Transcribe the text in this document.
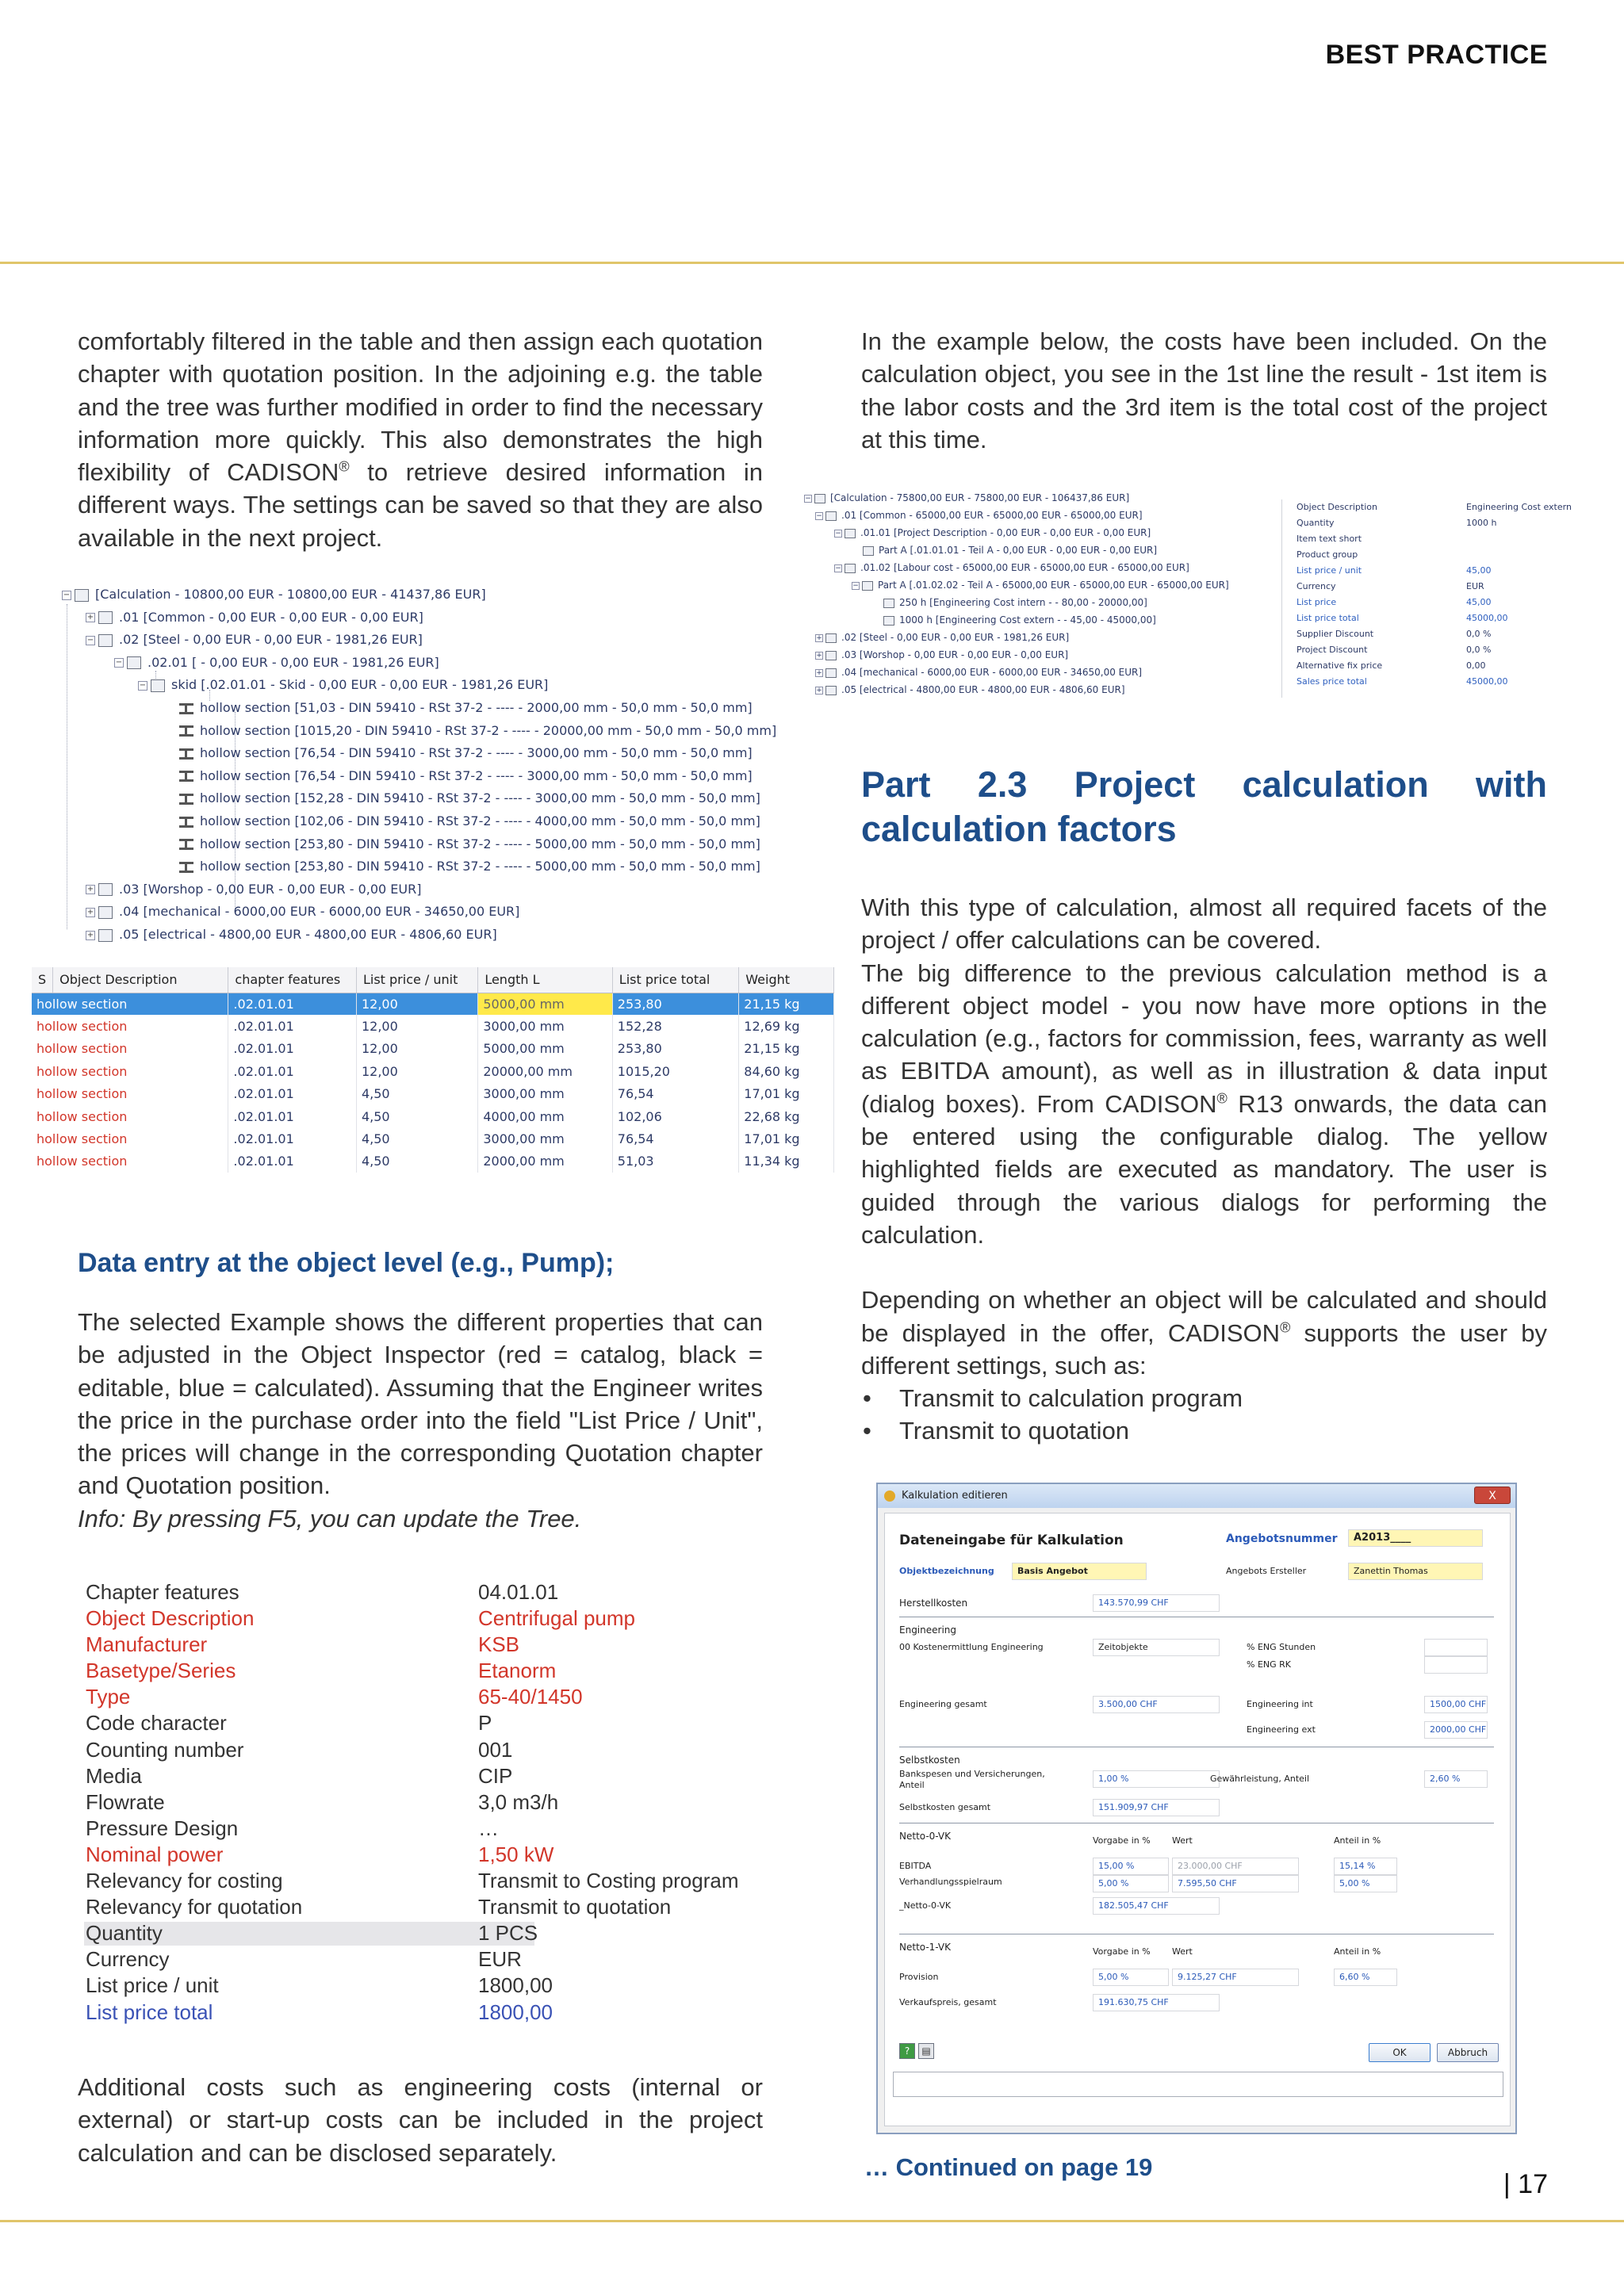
BEST PRACTICE

comfortably filtered in the table and then assign each quotation chapter with quotation position. In the adjoining e.g. the table and the tree was further modified in order to find the necessary information more quickly. This also demonstrates the high flexibility of CADISON® to retrieve desired information in different ways. The settings can be saved so that they are also available in the next project.

− [Calculation - 10800,00 EUR - 10800,00 EUR - 41437,86 EUR]
+ .01 [Common - 0,00 EUR - 0,00 EUR - 0,00 EUR]
− .02 [Steel - 0,00 EUR - 0,00 EUR - 1981,26 EUR]
− .02.01 [ - 0,00 EUR - 0,00 EUR - 1981,26 EUR]
− skid [.02.01.01 - Skid - 0,00 EUR - 0,00 EUR - 1981,26 EUR]
hollow section [51,03 - DIN 59410 - RSt 37-2 - ---- - 2000,00 mm - 50,0 mm - 50,0 mm]
hollow section [1015,20 - DIN 59410 - RSt 37-2 - ---- - 20000,00 mm - 50,0 mm - 50,0 mm]
hollow section [76,54 - DIN 59410 - RSt 37-2 - ---- - 3000,00 mm - 50,0 mm - 50,0 mm]
hollow section [76,54 - DIN 59410 - RSt 37-2 - ---- - 3000,00 mm - 50,0 mm - 50,0 mm]
hollow section [152,28 - DIN 59410 - RSt 37-2 - ---- - 3000,00 mm - 50,0 mm - 50,0 mm]
hollow section [102,06 - DIN 59410 - RSt 37-2 - ---- - 4000,00 mm - 50,0 mm - 50,0 mm]
hollow section [253,80 - DIN 59410 - RSt 37-2 - ---- - 5000,00 mm - 50,0 mm - 50,0 mm]
hollow section [253,80 - DIN 59410 - RSt 37-2 - ---- - 5000,00 mm - 50,0 mm - 50,0 mm]
+ .03 [Worshop - 0,00 EUR - 0,00 EUR - 0,00 EUR]
+ .04 [mechanical - 6000,00 EUR - 6000,00 EUR - 34650,00 EUR]
+ .05 [electrical - 4800,00 EUR - 4800,00 EUR - 4806,60 EUR]
S	Object Description	chapter features	List price / unit	Length L	List price total	Weight
hollow section		.02.01.01	12,00	5000,00 mm	253,80	21,15 kg
hollow section		.02.01.01	12,00	3000,00 mm	152,28	12,69 kg
hollow section		.02.01.01	12,00	5000,00 mm	253,80	21,15 kg
hollow section		.02.01.01	12,00	20000,00 mm	1015,20	84,60 kg
hollow section		.02.01.01	4,50	3000,00 mm	76,54	17,01 kg
hollow section		.02.01.01	4,50	4000,00 mm	102,06	22,68 kg
hollow section		.02.01.01	4,50	3000,00 mm	76,54	17,01 kg
hollow section		.02.01.01	4,50	2000,00 mm	51,03	11,34 kg
Data entry at the object level (e.g., Pump);

The selected Example shows the different properties that can be adjusted in the Object Inspector (red = catalog, black = editable, blue = calculated). Assuming that the Engineer writes the price in the purchase order into the field "List Price / Unit", the prices will change in the corresponding Quotation chapter and Quotation position.

Info: By pressing F5, you can update the Tree.

Chapter features	04.01.01
Object Description	Centrifugal pump
Manufacturer	KSB
Basetype/Series	Etanorm
Type	65-40/1450
Code character	P
Counting number	001
Media	CIP
Flowrate	3,0 m3/h
Pressure Design	…
Nominal power	1,50 kW
Relevancy for costing	Transmit to Costing program
Relevancy for quotation	Transmit to quotation
Quantity	1 PCS
Currency	EUR
List price / unit	1800,00
List price total	1800,00

Additional costs such as engineering costs (internal or external) or start-up costs can be included in the project calculation and can be disclosed separately.

In the example below, the costs have been included. On the calculation object, you see in the 1st line the result - 1st item is the labor costs and the 3rd item is the total cost of the project at this time.

− [Calculation - 75800,00 EUR - 75800,00 EUR - 106437,86 EUR]
− .01 [Common - 65000,00 EUR - 65000,00 EUR - 65000,00 EUR]
− .01.01 [Project Description - 0,00 EUR - 0,00 EUR - 0,00 EUR]
Part A [.01.01.01 - Teil A - 0,00 EUR - 0,00 EUR - 0,00 EUR]
− .01.02 [Labour cost - 65000,00 EUR - 65000,00 EUR - 65000,00 EUR]
− Part A [.01.02.02 - Teil A - 65000,00 EUR - 65000,00 EUR - 65000,00 EUR]
250 h [Engineering Cost intern - - 80,00 - 20000,00]
1000 h [Engineering Cost extern - - 45,00 - 45000,00]
+ .02 [Steel - 0,00 EUR - 0,00 EUR - 1981,26 EUR]
+ .03 [Worshop - 0,00 EUR - 0,00 EUR - 0,00 EUR]
+ .04 [mechanical - 6000,00 EUR - 6000,00 EUR - 34650,00 EUR]
+ .05 [electrical - 4800,00 EUR - 4800,00 EUR - 4806,60 EUR]
Object Description	Engineering Cost extern
Quantity	1000 h
Item text short
Product group
List price / unit	45,00
Currency	EUR
List price	45,00
List price total	45000,00
Supplier Discount	0,0 %
Project Discount	0,0 %
Alternative fix price	0,00
Sales price total	45000,00
Part 2.3 Project calculation with calculation factors

With this type of calculation, almost all required facets of the project / offer calculations can be covered.

The big difference to the previous calculation method is a different object model - you now have more options in the calculation (e.g., factors for commission, fees, warranty as well as EBITDA amount), as well as in illustration & data input (dialog boxes). From CADISON® R13 onwards, the data can be entered using the configurable dialog. The yellow highlighted fields are executed as mandatory. The user is guided through the various dialogs for performing the calculation.

Depending on whether an object will be calculated and should be displayed in the offer, CADISON® supports the user by different settings, such as:

• Transmit to calculation program
• Transmit to quotation
Kalkulation editieren	X
Dateneingabe für Kalkulation	Angebotsnummer	A2013____
Objektbezeichnung	Basis Angebot	Angebots Ersteller	Zanettin Thomas
Herstellkosten	143.570,99 CHF
Engineering
00 Kostenermittlung Engineering	Zeitobjekte	% ENG Stunden
% ENG RK
Engineering gesamt	3.500,00 CHF	Engineering int	1500,00 CHF
Engineering ext	2000,00 CHF
Selbstkosten
Bankspesen und Versicherungen,
Anteil
1,00 %	Gewährleistung, Anteil	2,60 %
Selbstkosten gesamt	151.909,97 CHF
Netto-0-VK	Vorgabe in % Wert	Anteil in %
EBITDA	15,00 %	23.000,00 CHF	15,14 %
Verhandlungsspielraum	5,00 %	7.595,50 CHF	5,00 %
_Netto-0-VK	182.505,47 CHF
Netto-1-VK	Vorgabe in % Wert	Anteil in %
Provision	5,00 %	9.125,27 CHF	6,60 %
Verkaufspreis, gesamt	191.630,75 CHF
?	▤	OK	Abbruch
… Continued on page 19
| 17
